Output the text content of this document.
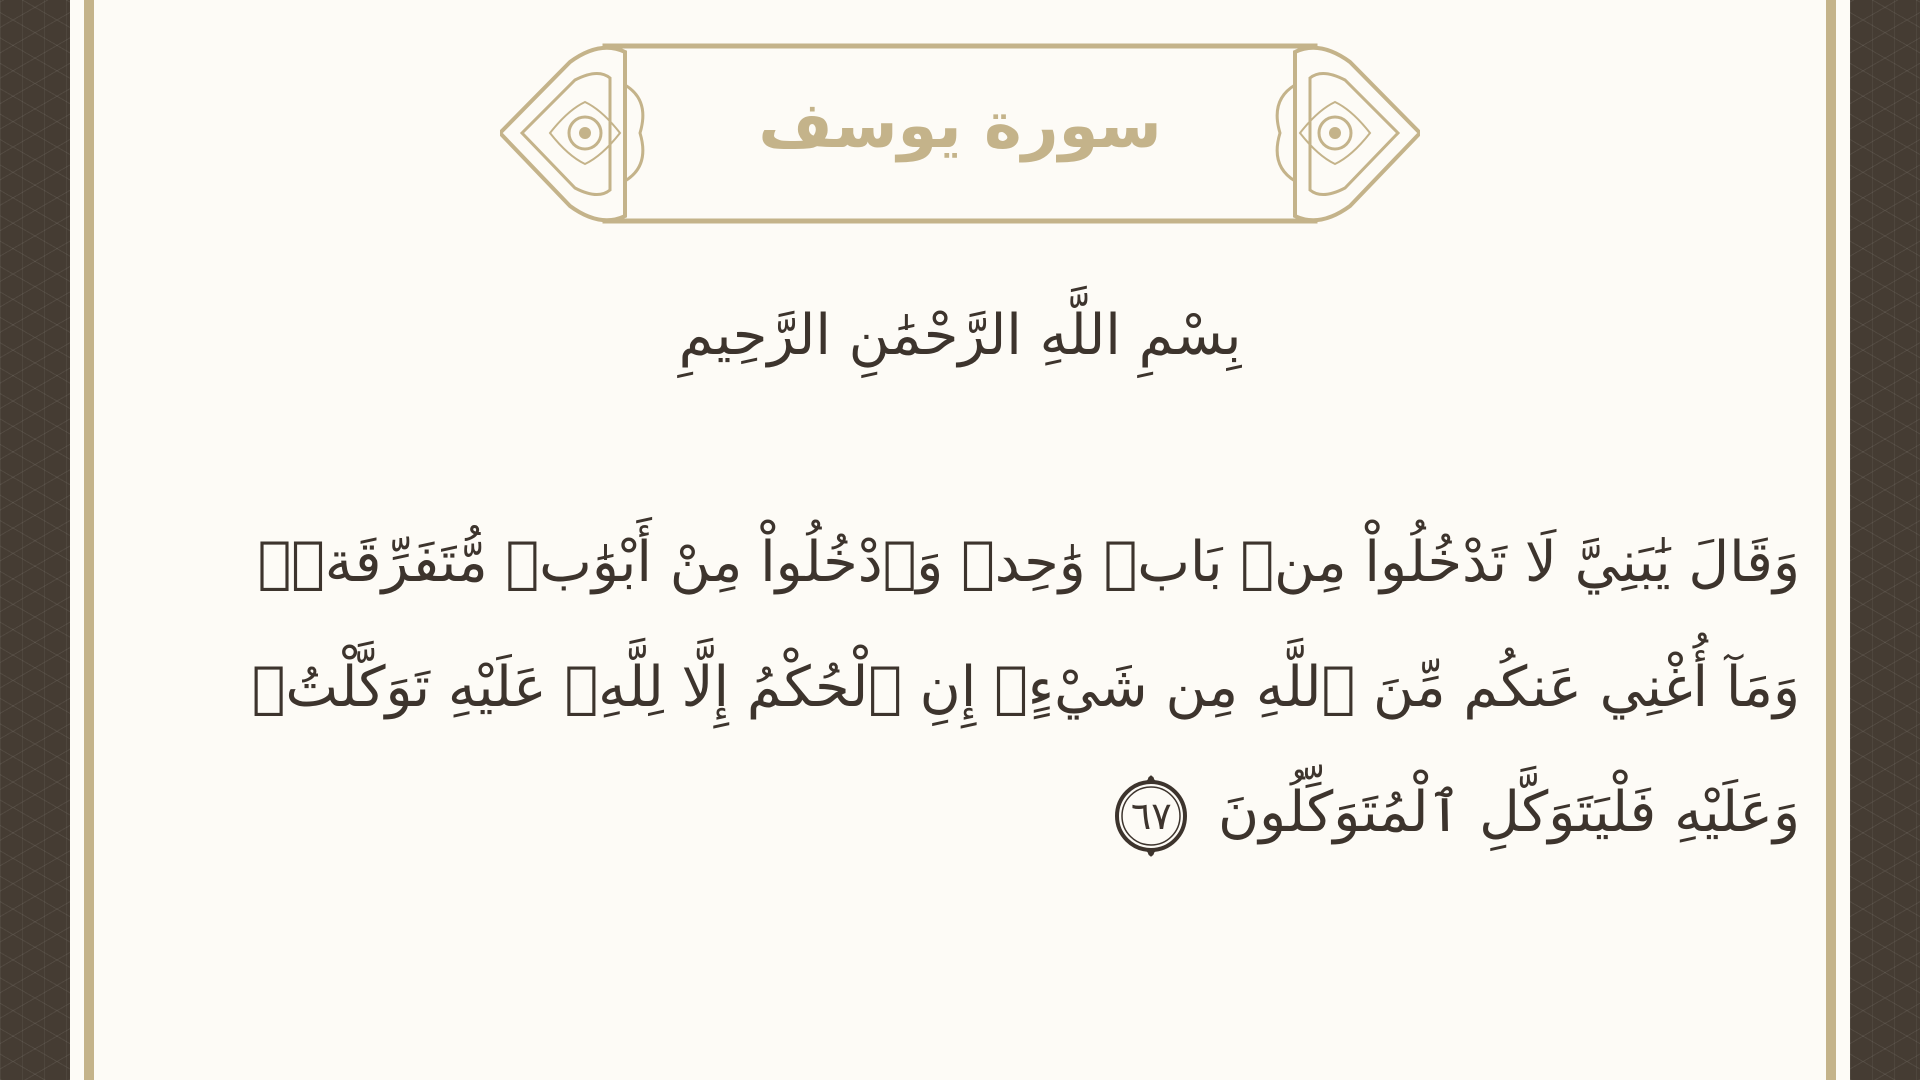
سورة يوسف
بِسْمِ اللَّهِ الرَّحْمَٰنِ الرَّحِيمِ
وَقَالَ يَٰبَنِيَّ لَا تَدْخُلُواْ مِنۢ بَابٖ وَٰحِدٖ وَٱدْخُلُواْ مِنْ أَبْوَٰبٖ مُّتَفَرِّقَةٖۖ
وَمَآ أُغْنِي عَنكُم مِّنَ ٱللَّهِ مِن شَيْءٍۖ إِنِ ٱلْحُكْمُ إِلَّا لِلَّهِۖ عَلَيْهِ تَوَكَّلْتُۖ
وَعَلَيْهِ فَلْيَتَوَكَّلِ ٱلْمُتَوَكِّلُونَ
٦٧
